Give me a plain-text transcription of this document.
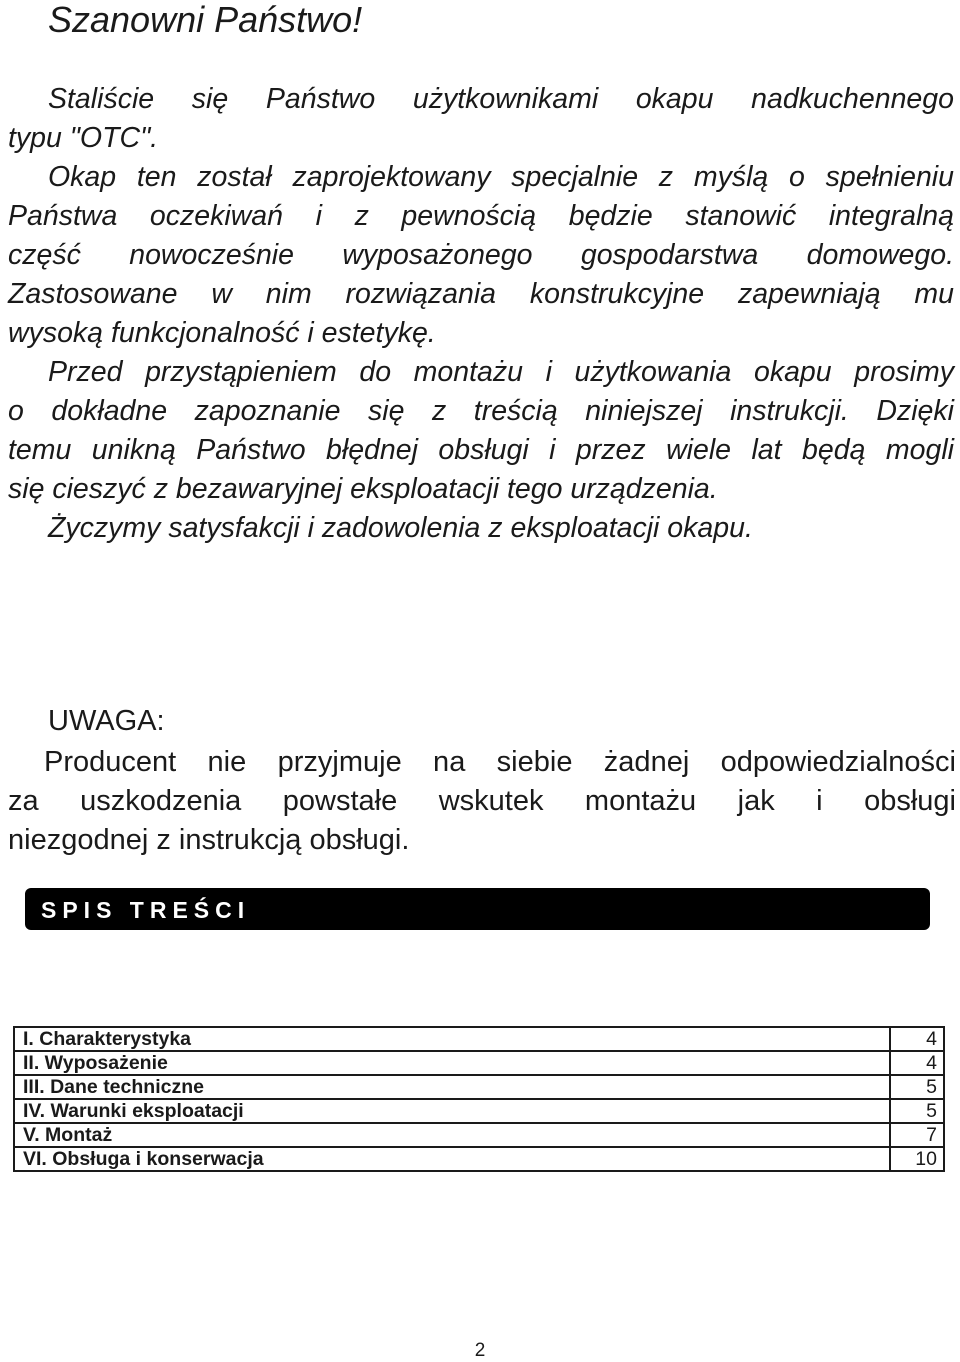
Szanowni Państwo!
Staliście się Państwo użytkownikami okapu nadkuchennego
typu "OTC".
Okap ten został zaprojektowany specjalnie z myślą o spełnieniu
Państwa oczekiwań i z pewnością będzie stanowić integralną
część nowocześnie wyposażonego gospodarstwa domowego.
Zastosowane w nim rozwiązania konstrukcyjne zapewniają mu
wysoką funkcjonalność i estetykę.
Przed przystąpieniem do montażu i użytkowania okapu prosimy
o dokładne zapoznanie się z treścią niniejszej instrukcji. Dzięki
temu unikną Państwo błędnej obsługi i przez wiele lat będą mogli
się cieszyć z bezawaryjnej eksploatacji tego urządzenia.
Życzymy satysfakcji i zadowolenia z eksploatacji okapu.
UWAGA:
Producent nie przyjmuje na siebie żadnej odpowiedzialności
za uszkodzenia powstałe wskutek montażu jak i obsługi
niezgodnej z instrukcją obsługi.
SPIS TREŚCI
I. Charakterystyka	4
II. Wyposażenie	4
III. Dane techniczne	5
IV. Warunki eksploatacji	5
V. Montaż	7
VI. Obsługa i konserwacja	10
2
